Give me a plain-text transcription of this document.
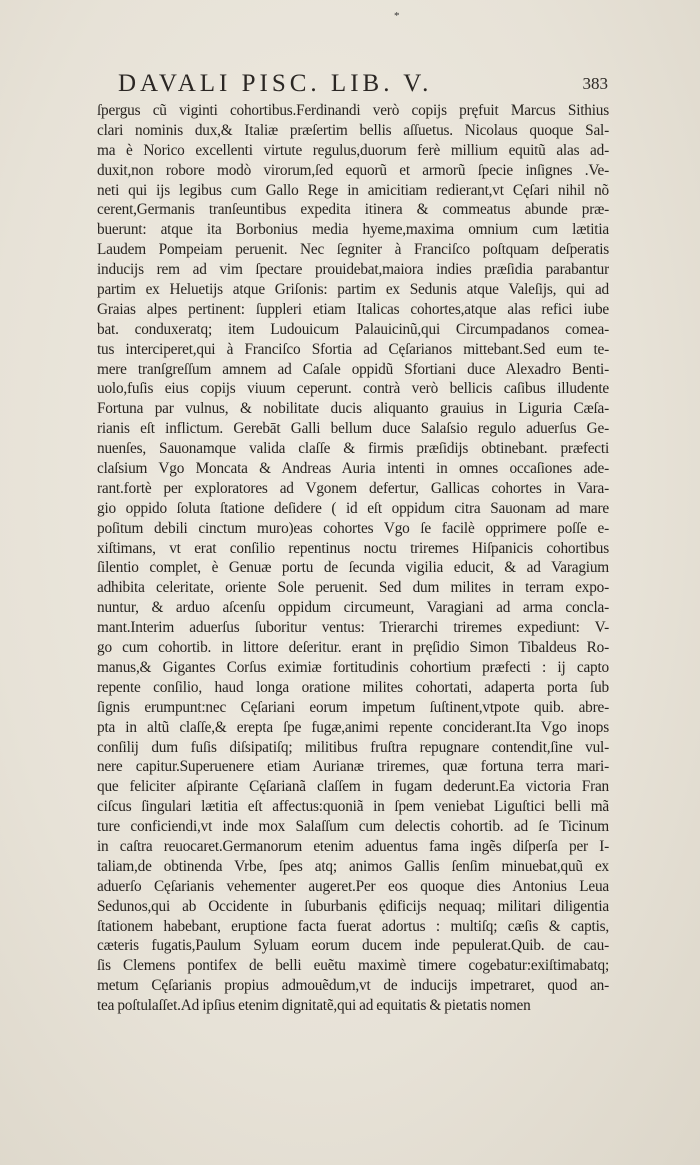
*
DAVALI PISC. LIB. V.	383
ſpergus cũ viginti cohortibus.Ferdinandi verò copijs pręfuit Marcus Sithius
clari nominis dux,& Italiæ præſertim bellis aſſuetus. Nicolaus quoque Sal-
ma è Norico excellenti virtute regulus,duorum ferè millium equitũ alas ad-
duxit,non robore modò virorum,ſed equorũ et armorũ ſpecie inſignes .Ve-
neti qui ijs legibus cum Gallo Rege in amicitiam redierant,vt Cęſari nihil nõ
cerent,Germanis tranſeuntibus expedita itinera & commeatus abunde præ-
buerunt: atque ita Borbonius media hyeme,maxima omnium cum lætitia
Laudem Pompeiam peruenit. Nec ſegniter à Franciſco poſtquam deſperatis
inducijs rem ad vim ſpectare prouidebat,maiora indies præſidia parabantur
partim ex Heluetijs atque Griſonis: partim ex Sedunis atque Valeſijs, qui ad
Graias alpes pertinent: ſuppleri etiam Italicas cohortes,atque alas refici iube
bat. conduxeratq; item Ludouicum Palauicinũ,qui Circumpadanos comea-
tus interciperet,qui à Franciſco Sfortia ad Cęſarianos mittebant.Sed eum te-
mere tranſgreſſum amnem ad Caſale oppidũ Sfortiani duce Alexadro Benti-
uolo,fuſis eius copijs viuum ceperunt. contrà verò bellicis caſibus illudente
Fortuna par vulnus, & nobilitate ducis aliquanto grauius in Liguria Cæſa-
rianis eſt inflictum. Gerebāt Galli bellum duce Salaſsio regulo aduerſus Ge-
nuenſes, Sauonamque valida claſſe & firmis præſidijs obtinebant. præfecti
claſsium Vgo Moncata & Andreas Auria intenti in omnes occaſiones ade-
rant.fortè per exploratores ad Vgonem defertur, Gallicas cohortes in Vara-
gio oppido ſoluta ſtatione deſidere ( id eſt oppidum citra Sauonam ad mare
poſitum debili cinctum muro)eas cohortes Vgo ſe facilè opprimere poſſe e-
xiſtimans, vt erat conſilio repentinus noctu triremes Hiſpanicis cohortibus
ſilentio complet, è Genuæ portu de ſecunda vigilia educit, & ad Varagium
adhibita celeritate, oriente Sole peruenit. Sed dum milites in terram expo-
nuntur, & arduo aſcenſu oppidum circumeunt, Varagiani ad arma concla-
mant.Interim aduerſus ſuboritur ventus: Trierarchi triremes expediunt: V-
go cum cohortib. in littore deſeritur. erant in pręſidio Simon Tibaldeus Ro-
manus,& Gigantes Corſus eximiæ fortitudinis cohortium præfecti : ij capto
repente conſilio, haud longa oratione milites cohortati, adaperta porta ſub
ſignis erumpunt:nec Cęſariani eorum impetum ſuſtinent,vtpote quib. abre-
pta in altũ claſſe,& erepta ſpe fugæ,animi repente conciderant.Ita Vgo inops
conſilij dum fuſis diſsipatiſq; militibus fruſtra repugnare contendit,ſine vul-
nere capitur.Superuenere etiam Aurianæ triremes, quæ fortuna terra mari-
que feliciter aſpirante Cęſarianã claſſem in fugam dederunt.Ea victoria Fran
ciſcus ſingulari lætitia eſt affectus:quoniã in ſpem veniebat Liguſtici belli mã
ture conficiendi,vt inde mox Salaſſum cum delectis cohortib. ad ſe Ticinum
in caſtra reuocaret.Germanorum etenim aduentus fama ingẽs diſperſa per I-
taliam,de obtinenda Vrbe, ſpes atq; animos Gallis ſenſim minuebat,quũ ex
aduerſo Cęſarianis vehementer augeret.Per eos quoque dies Antonius Leua
Sedunos,qui ab Occidente in ſuburbanis ędificijs nequaq; militari diligentia
ſtationem habebant, eruptione facta fuerat adortus : multiſq; cæſis & captis,
cæteris fugatis,Paulum Syluam eorum ducem inde pepulerat.Quib. de cau-
ſis Clemens pontifex de belli euẽtu maximè timere cogebatur:exiſtimabatq;
metum Cęſarianis propius admouẽdum,vt de inducijs impetraret, quod an-
tea poſtulaſſet.Ad ipſius etenim dignitatẽ,qui ad equitatis & pietatis nomen
